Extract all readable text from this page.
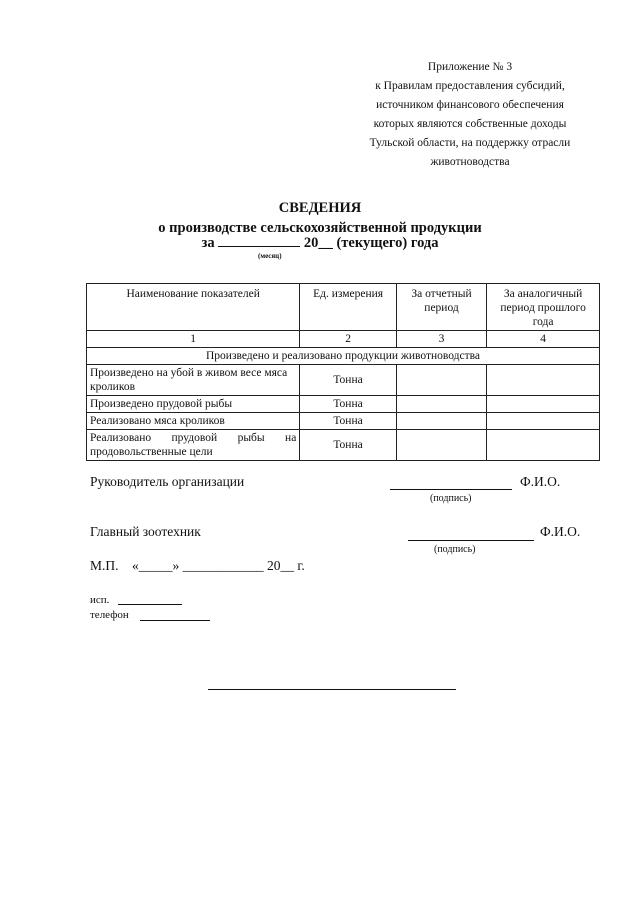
Приложение № 3
к Правилам предоставления субсидий,
источником финансового обеспечения
которых являются собственные доходы
Тульской области, на поддержку отрасли
животноводства
СВЕДЕНИЯ
о производстве сельскохозяйственной продукции
за	20__ (текущего) года
(месяц)
Наименование показателей	Ед. измерения	За отчетный период	За аналогичный период прошлого года
1	2	3	4
Произведено и реализовано продукции животноводства			
Произведено на убой в живом весе мяса кроликов	Тонна		
Произведено прудовой рыбы	Тонна		
Реализовано мяса кроликов	Тонна		
Реализовано прудовой рыбы на продовольственные цели	Тонна		
Руководитель организации	Ф.И.О.
(подпись)
Главный зоотехник	Ф.И.О.
(подпись)
М.П. «_____» ____________ 20__ г.
исп.
телефон
